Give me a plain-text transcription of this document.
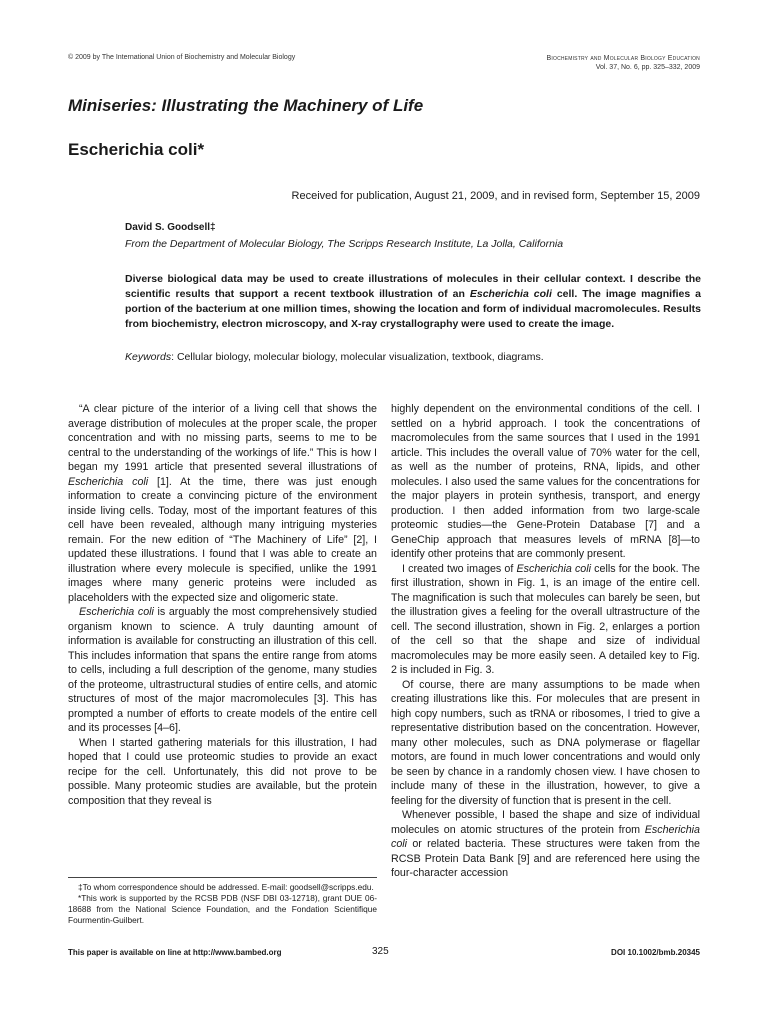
© 2009 by The International Union of Biochemistry and Molecular Biology	Biochemistry and Molecular Biology Education
Vol. 37, No. 6, pp. 325–332, 2009
Miniseries: Illustrating the Machinery of Life
Escherichia coli*
Received for publication, August 21, 2009, and in revised form, September 15, 2009
David S. Goodsell‡
From the Department of Molecular Biology, The Scripps Research Institute, La Jolla, California
Diverse biological data may be used to create illustrations of molecules in their cellular context. I describe the scientific results that support a recent textbook illustration of an Escherichia coli cell. The image magnifies a portion of the bacterium at one million times, showing the location and form of individual macromolecules. Results from biochemistry, electron microscopy, and X-ray crystallography were used to create the image.
Keywords: Cellular biology, molecular biology, molecular visualization, textbook, diagrams.

“A clear picture of the interior of a living cell that shows the average distribution of molecules at the proper scale, the proper concentration and with no missing parts, seems to me to be central to the understanding of the workings of life.” This is how I began my 1991 article that presented several illustrations of Escherichia coli [1]. At the time, there was just enough information to create a convincing picture of the environment inside living cells. Today, most of the important features of this cell have been revealed, although many intriguing mysteries remain. For the new edition of “The Machinery of Life” [2], I updated these illustrations. I found that I was able to create an illustration where every molecule is specified, unlike the 1991 images where many generic proteins were included as placeholders with the expected size and oligomeric state.

Escherichia coli is arguably the most comprehensively studied organism known to science. A truly daunting amount of information is available for constructing an illustration of this cell. This includes information that spans the entire range from atoms to cells, including a full description of the genome, many studies of the proteome, ultrastructural studies of entire cells, and atomic structures of most of the major macromolecules [3]. This has prompted a number of efforts to create models of the entire cell and its processes [4–6].

When I started gathering materials for this illustration, I had hoped that I could use proteomic studies to provide an exact recipe for the cell. Unfortunately, this did not prove to be possible. Many proteomic studies are available, but the protein composition that they reveal is

highly dependent on the environmental conditions of the cell. I settled on a hybrid approach. I took the concentrations of macromolecules from the same sources that I used in the 1991 article. This includes the overall value of 70% water for the cell, as well as the number of proteins, RNA, lipids, and other molecules. I also used the same values for the concentrations for the major players in protein synthesis, transport, and energy production. I then added information from two large-scale proteomic studies—the Gene-Protein Database [7] and a GeneChip approach that measures levels of mRNA [8]—to identify other proteins that are commonly present.

I created two images of Escherichia coli cells for the book. The first illustration, shown in Fig. 1, is an image of the entire cell. The magnification is such that molecules can barely be seen, but the illustration gives a feeling for the overall ultrastructure of the cell. The second illustration, shown in Fig. 2, enlarges a portion of the cell so that the shape and size of individual macromolecules may be more easily seen. A detailed key to Fig. 2 is included in Fig. 3.

Of course, there are many assumptions to be made when creating illustrations like this. For molecules that are present in high copy numbers, such as tRNA or ribosomes, I tried to give a representative distribution based on the concentration. However, many other molecules, such as DNA polymerase or flagellar motors, are found in much lower concentrations and would only be seen by chance in a randomly chosen view. I have chosen to include many of these in the illustration, however, to give a feeling for the diversity of function that is present in the cell.

Whenever possible, I based the shape and size of individual molecules on atomic structures of the protein from Escherichia coli or related bacteria. These structures were taken from the RCSB Protein Data Bank [9] and are referenced here using the four-character accession

‡To whom correspondence should be addressed. E-mail: goodsell@scripps.edu.

*This work is supported by the RCSB PDB (NSF DBI 03-12718), grant DUE 06-18688 from the National Science Foundation, and the Fondation Scientifique Fourmentin-Guilbert.

This paper is available on line at http://www.bambed.org	325	DOI 10.1002/bmb.20345
